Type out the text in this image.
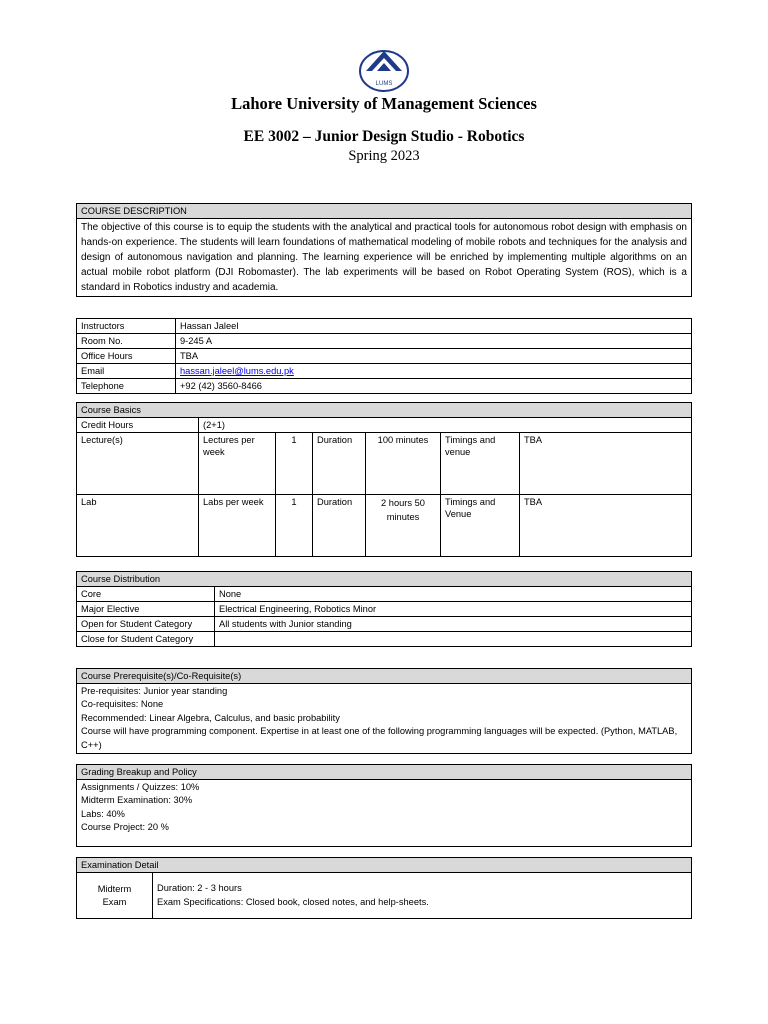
LUMS
Lahore University of Management Sciences
EE 3002 – Junior Design Studio - Robotics
Spring 2023
COURSE DESCRIPTION
The objective of this course is to equip the students with the analytical and practical tools for autonomous robot design with emphasis on hands-on experience. The students will learn foundations of mathematical modeling of mobile robots and techniques for the analysis and design of autonomous navigation and planning. The learning experience will be enriched by implementing multiple algorithms on an actual mobile robot platform (DJI Robomaster). The lab experiments will be based on Robot Operating System (ROS), which is a standard in Robotics industry and academia.
Instructors	Hassan Jaleel
Room No.	9-245 A
Office Hours	TBA
Email	hassan.jaleel@lums.edu.pk
Telephone	+92 (42) 3560-8466
Course Basics						
Credit Hours	(2+1)					
Lecture(s)	Lectures per week	1	Duration	100 minutes	Timings and venue	TBA
Lab	Labs per week	1	Duration	2 hours 50 minutes	Timings and Venue	TBA
Course Distribution	
Core	None
Major Elective	Electrical Engineering, Robotics Minor
Open for Student Category	All students with Junior standing
Close for Student Category	
Course Prerequisite(s)/Co-Requisite(s)

Pre-requisites: Junior year standing
Co-requisites: None
Recommended: Linear Algebra, Calculus, and basic probability
Course will have programming component. Expertise in at least one of the following programming languages will be expected. (Python, MATLAB, C++)
Grading Breakup and Policy

Assignments / Quizzes: 10%
Midterm Examination: 30%
Labs: 40%
Course Project: 20 %
Examination Detail
Midterm Exam	
Duration: 2 - 3 hours
Exam Specifications: Closed book, closed notes, and help-sheets.
